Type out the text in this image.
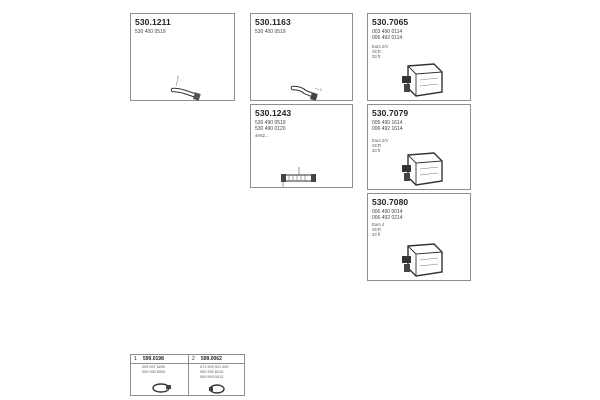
530.1211
530 400 0519
1
530.1163
530 400 0519
1
530.7065
003 490 0114
006 492 0114
Euro 2/V
SCR
33 ft
530.1243
530 490 0519
530 490 0120
4H52...
530.7079
005 490 1614
006 492 1614
Euro 2/V
SCR
33 ft
530.7080
006 490 0014
006 492 0214
Euro 4
SCR
33 ft
1 599.0198
003 997 6290
000 990 8000
2 599.0062
071 993 021 000
000 992 8210
000 993 0013
